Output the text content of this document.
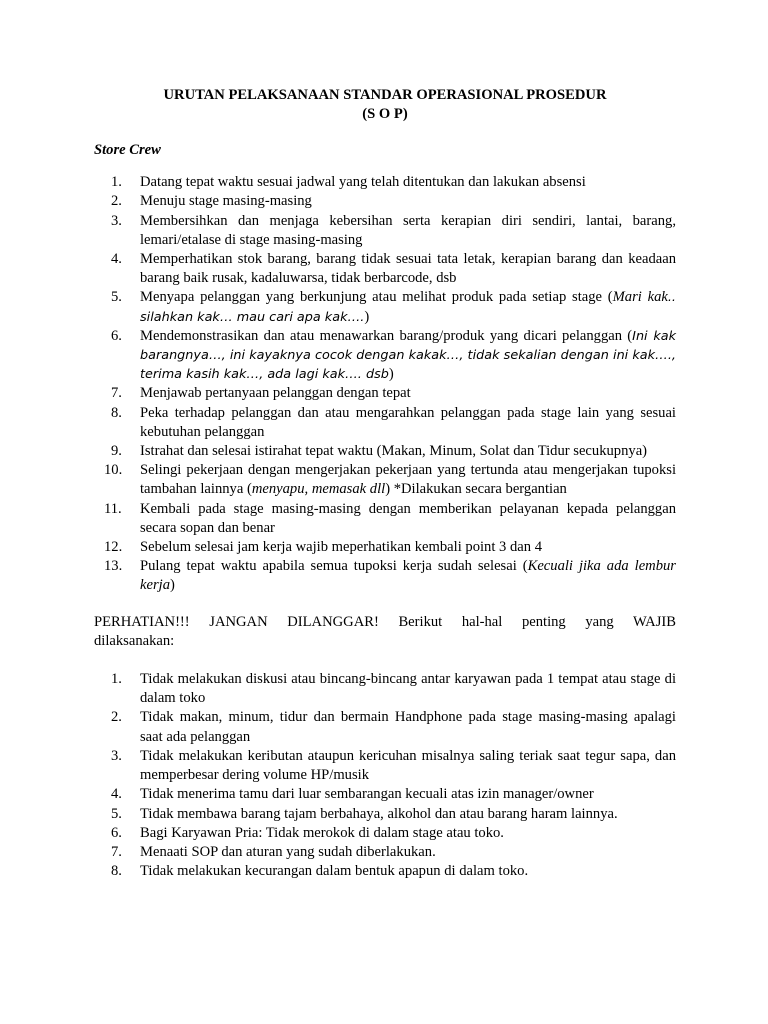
URUTAN PELAKSANAAN STANDAR OPERASIONAL PROSEDUR
(S O P)

Store Crew
1. Datang tepat waktu sesuai jadwal yang telah ditentukan dan lakukan absensi
2. Menuju stage masing-masing
3. Membersihkan dan menjaga kebersihan serta kerapian diri sendiri, lantai, barang, lemari/etalase di stage masing-masing
4. Memperhatikan stok barang, barang tidak sesuai tata letak, kerapian barang dan keadaan barang baik rusak, kadaluwarsa, tidak berbarcode, dsb
5. Menyapa pelanggan yang berkunjung atau melihat produk pada setiap stage (Mari kak.. silahkan kak… mau cari apa kak….)
6. Mendemonstrasikan dan atau menawarkan barang/produk yang dicari pelanggan (Ini kak barangnya…, ini kayaknya cocok dengan kakak…, tidak sekalian dengan ini kak…., terima kasih kak…, ada lagi kak…. dsb)
7. Menjawab pertanyaan pelanggan dengan tepat
8. Peka terhadap pelanggan dan atau mengarahkan pelanggan pada stage lain yang sesuai kebutuhan pelanggan
9. Istrahat dan selesai istirahat tepat waktu (Makan, Minum, Solat dan Tidur secukupnya)
10. Selingi pekerjaan dengan mengerjakan pekerjaan yang tertunda atau mengerjakan tupoksi tambahan lainnya (menyapu, memasak dll) *Dilakukan secara bergantian
11. Kembali pada stage masing-masing dengan memberikan pelayanan kepada pelanggan secara sopan dan benar
12. Sebelum selesai jam kerja wajib meperhatikan kembali point 3 dan 4
13. Pulang tepat waktu apabila semua tupoksi kerja sudah selesai (Kecuali jika ada lembur kerja)
PERHATIAN!!! JANGAN DILANGGAR! Berikut hal-hal penting yang WAJIB
dilaksanakan:
1. Tidak melakukan diskusi atau bincang-bincang antar karyawan pada 1 tempat atau stage di dalam toko
2. Tidak makan, minum, tidur dan bermain Handphone pada stage masing-masing apalagi saat ada pelanggan
3. Tidak melakukan keributan ataupun kericuhan misalnya saling teriak saat tegur sapa, dan memperbesar dering volume HP/musik
4. Tidak menerima tamu dari luar sembarangan kecuali atas izin manager/owner
5. Tidak membawa barang tajam berbahaya, alkohol dan atau barang haram lainnya.
6. Bagi Karyawan Pria: Tidak merokok di dalam stage atau toko.
7. Menaati SOP dan aturan yang sudah diberlakukan.
8. Tidak melakukan kecurangan dalam bentuk apapun di dalam toko.
